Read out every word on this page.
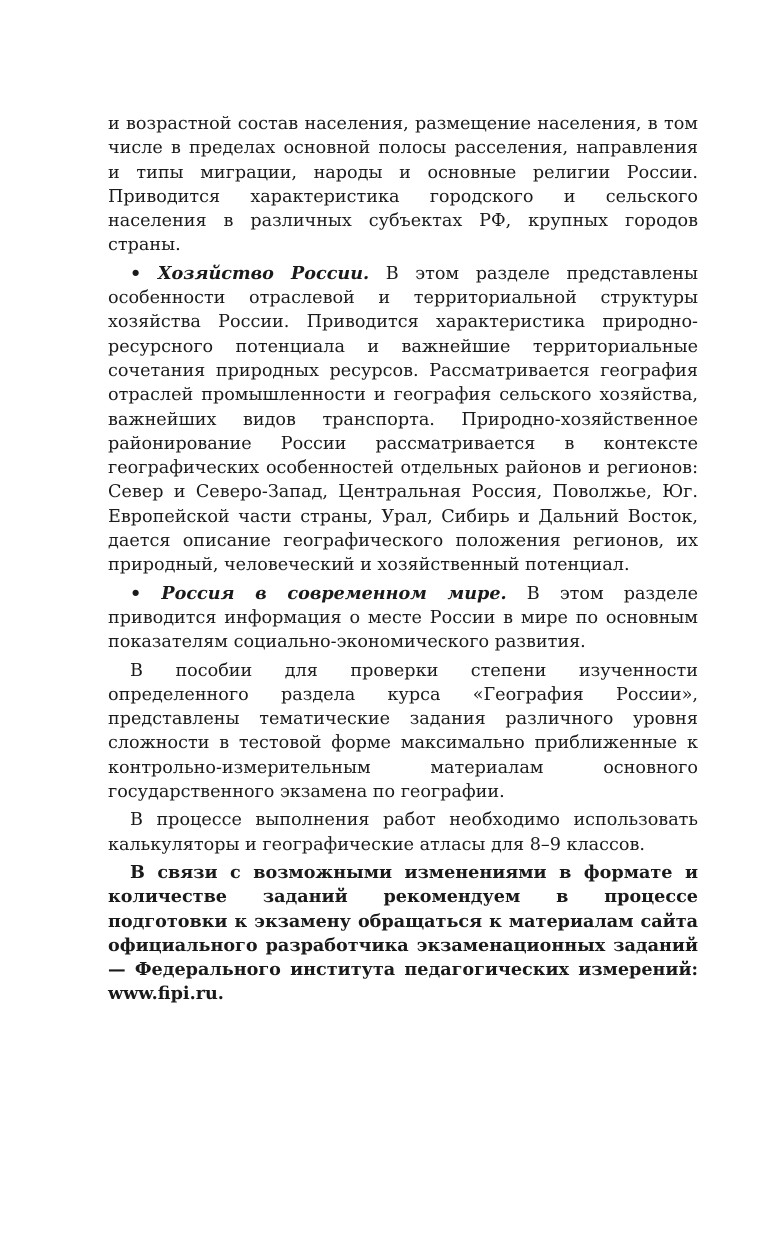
и возрастной состав населения, размещение населения, в том числе в пределах основной полосы расселения, направления и типы миграции, народы и основные религии России. Приводится характеристика городского и сельского населения в различных субъектах РФ, крупных городов страны.

• Хозяйство России. В этом разделе представлены особенности отраслевой и территориальной структуры хозяйства России. Приводится характеристика природно-ресурсного потенциала и важнейшие территориальные сочетания природных ресурсов. Рассматривается география отраслей промышленности и география сельского хозяйства, важнейших видов транспорта. Природно-хозяйственное районирование России рассматривается в контексте географических особенностей отдельных районов и регионов: Север и Северо-Запад, Центральная Россия, Поволжье, Юг. Европейской части страны, Урал, Сибирь и Дальний Восток, дается описание географического положения регионов, их природный, человеческий и хозяйственный потенциал.

• Россия в современном мире. В этом разделе приводится информация о месте России в мире по основным показателям социально-экономического развития.

В пособии для проверки степени изученности определенного раздела курса «География России», представлены тематические задания различного уровня сложности в тестовой форме максимально приближенные к контрольно-измерительным материалам основного государственного экзамена по географии.

В процессе выполнения работ необходимо использовать калькуляторы и географические атласы для 8–9 классов.

В связи с возможными изменениями в формате и количестве заданий рекомендуем в процессе подготовки к экзамену обращаться к материалам сайта официального разработчика экзаменационных заданий — Федерального института педагогических измерений: www.fipi.ru.
